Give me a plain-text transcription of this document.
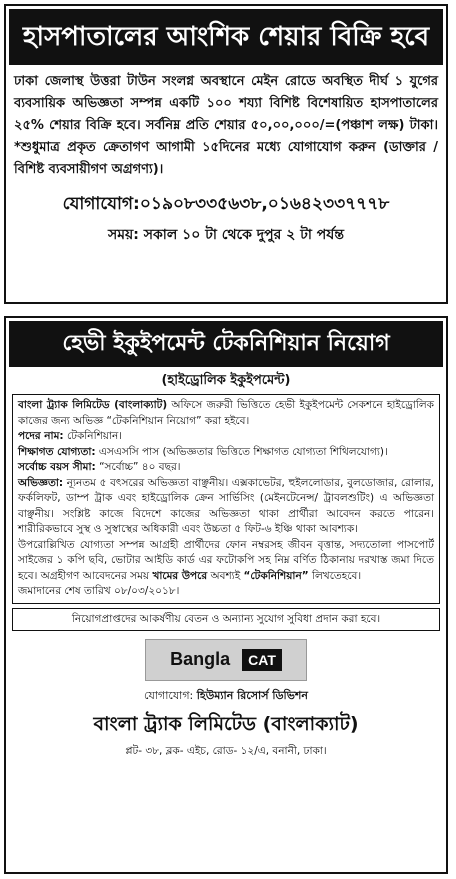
হাসপাতালের আংশিক শেয়ার বিক্রি হবে
ঢাকা জেলাস্থ উত্তরা টাউন সংলগ্ন অবস্থানে মেইন রোডে অবস্থিত দীর্ঘ ১ যুগের ব্যবসায়িক অভিজ্ঞতা সম্পন্ন একটি ১০০ শয্যা বিশিষ্ট বিশেষায়িত হাসপাতালের ২৫% শেয়ার বিক্রি হবে। সর্বনিম্ন প্রতি শেয়ার ৫০,০০,০০০/=(পঞ্চাশ লক্ষ) টাকা। *শুধুমাত্র প্রকৃত ক্রেতাগণ আগামী ১৫দিনের মধ্যে যোগাযোগ করুন (ডাক্তার / বিশিষ্ট ব্যবসায়ীগণ অগ্রগণ্য)।
যোগাযোগ:০১৯০৮৩৩৫৬৩৮,০১৬৪২৩৩৭৭৭৮
সময়: সকাল ১০ টা থেকে দুপুর ২ টা পর্যন্ত
হেভী ইকুইপমেন্ট টেকনিশিয়ান নিয়োগ
(হাইড্রোলিক ইকুইপমেন্ট)

বাংলা ট্র্যাক লিমিটেড (বাংলাক্যাট) অফিসে জরুরী ভিত্তিতে হেভী ইকুইপমেন্ট সেকশনে হাইড্রোলিক কাজের জন্য অভিজ্ঞ “টেকনিশিয়ান নিয়োগ” করা হইবে।

পদের নাম: টেকনিশিয়ান।

শিক্ষাগত যোগ্যতা: এসএসসি পাস (অভিজ্ঞতার ভিত্তিতে শিক্ষাগত যোগ্যতা শিথিলযোগ্য)।

সর্বোচ্চ বয়স সীমা: “সর্বোচ্চ” ৪০ বছর।

অভিজ্ঞতা: ন্যূনতম ৫ বৎসরের অভিজ্ঞতা বাঞ্ছনীয়। এক্সকাভেটর, হুইললোডার, বুলডোজার, রোলার, ফর্কলিফট, ডাম্প ট্রাক এবং হাইড্রোলিক ক্রেন সার্ভিসিং (মেইনটেনেন্স/ ট্রাবলশুটিং) এ অভিজ্ঞতা বাঞ্ছনীয়। সংশ্লিষ্ট কাজে বিদেশে কাজের অভিজ্ঞতা থাকা প্রার্থীরা আবেদন করতে পারেন। শারীরিকভাবে সুস্থ ও সুস্বাস্থের অধিকারী এবং উচ্চতা ৫ ফিট-৬ ইঞ্চি থাকা আবশ্যক।

উপরোল্লিখিত যোগ্যতা সম্পন্ন আগ্রহী প্রার্থীদের ফোন নম্বরসহ জীবন বৃত্তান্ত, সদ্যতোলা পাসপোর্ট সাইজের ১ কপি ছবি, ভোটার আইডি কার্ড এর ফটোকপি সহ নিম্ন বর্ণিত ঠিকানায় দরখাস্ত জমা দিতে হবে। অগ্রহীগণ আবেদনের সময় খামের উপরে অবশ্যই “টেকনিশিয়ান” লিখতেহবে।

জমাদানের শেষ তারিখ ০৮/০৩/২০১৮।

নিয়োগপ্রাপ্তদের আকর্ষণীয় বেতন ও অন্যান্য সুযোগ সুবিধা প্রদান করা হবে।
Bangla	CAT
যোগাযোগ: হিউম্যান রিসোর্স ডিভিশন
বাংলা ট্র্যাক লিমিটেড (বাংলাক্যাট)
প্লট- ৩৮, ব্লক- এইচ, রোড- ১২/এ, বনানী, ঢাকা।
